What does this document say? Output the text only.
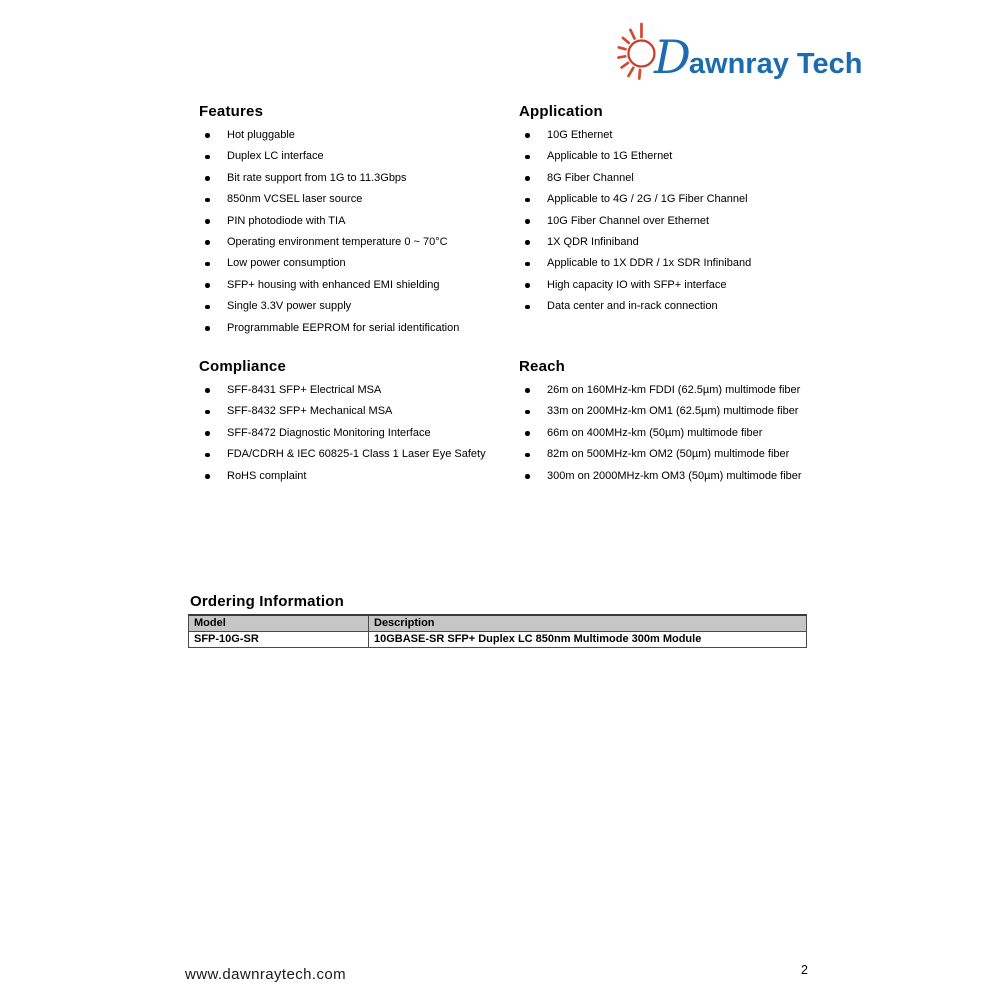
Dawnray Tech
Features
Hot pluggable
Duplex LC interface
Bit rate support from 1G to 11.3Gbps
850nm VCSEL laser source
PIN photodiode with TIA
Operating environment temperature 0 ~ 70°C
Low power consumption
SFP+ housing with enhanced EMI shielding
Single 3.3V power supply
Programmable EEPROM for serial identification
Application
10G Ethernet
Applicable to 1G Ethernet
8G Fiber Channel
Applicable to 4G / 2G / 1G Fiber Channel
10G Fiber Channel over Ethernet
1X QDR Infiniband
Applicable to 1X DDR / 1x SDR Infiniband
High capacity IO with SFP+ interface
Data center and in-rack connection
Compliance
SFF-8431 SFP+ Electrical MSA
SFF-8432 SFP+ Mechanical MSA
SFF-8472 Diagnostic Monitoring Interface
FDA/CDRH & IEC 60825-1 Class 1 Laser Eye Safety
RoHS complaint
Reach
26m on 160MHz-km FDDI (62.5µm) multimode fiber
33m on 200MHz-km OM1 (62.5µm) multimode fiber
66m on 400MHz-km (50µm) multimode fiber
82m on 500MHz-km OM2 (50µm) multimode fiber
300m on 2000MHz-km OM3 (50µm) multimode fiber
Ordering Information
Model	Description
SFP-10G-SR	10GBASE-SR SFP+ Duplex LC 850nm Multimode 300m Module
www.dawnraytech.com	2
